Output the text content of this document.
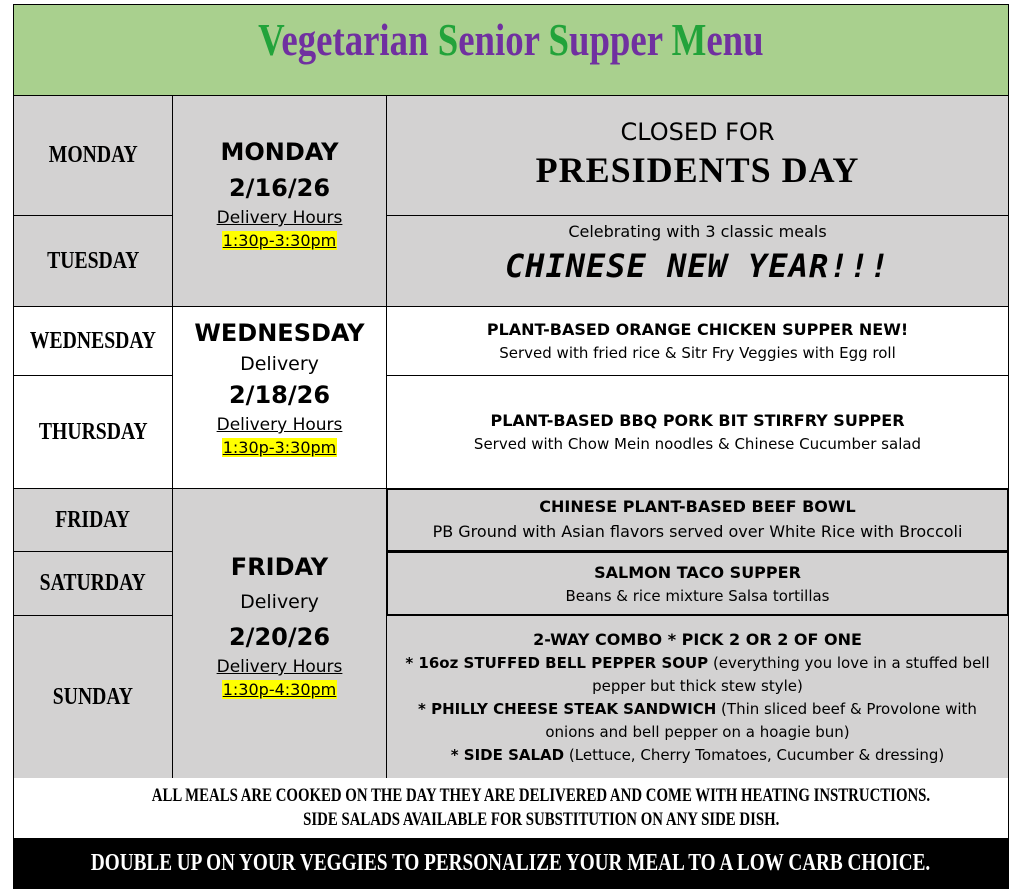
Vegetarian Senior Supper Menu
MONDAY
TUESDAY
WEDNESDAY
THURSDAY
FRIDAY
SATURDAY
SUNDAY
MONDAY
2/16/26
Delivery Hours
1:30p-3:30pm
WEDNESDAY
Delivery
2/18/26
Delivery Hours
1:30p-3:30pm
FRIDAY
Delivery
2/20/26
Delivery Hours
1:30p-4:30pm
CLOSED FOR
PRESIDENTS DAY
Celebrating with 3 classic meals
CHINESE NEW YEAR!!!
PLANT-BASED ORANGE CHICKEN SUPPER NEW!
Served with fried rice & Sitr Fry Veggies with Egg roll
PLANT-BASED BBQ PORK BIT STIRFRY SUPPER
Served with Chow Mein noodles & Chinese Cucumber salad
CHINESE PLANT-BASED BEEF BOWL
PB Ground with Asian flavors served over White Rice with Broccoli
SALMON TACO SUPPER
Beans & rice mixture Salsa tortillas
2-WAY COMBO * PICK 2 OR 2 OF ONE
* 16oz STUFFED BELL PEPPER SOUP (everything you love in a stuffed bell pepper but thick stew style)
* PHILLY CHEESE STEAK SANDWICH (Thin sliced beef & Provolone with onions and bell pepper on a hoagie bun)
* SIDE SALAD (Lettuce, Cherry Tomatoes, Cucumber & dressing)
ALL MEALS ARE COOKED ON THE DAY THEY ARE DELIVERED AND COME WITH HEATING INSTRUCTIONS.
SIDE SALADS AVAILABLE FOR SUBSTITUTION ON ANY SIDE DISH.
DOUBLE UP ON YOUR VEGGIES TO PERSONALIZE YOUR MEAL TO A LOW CARB CHOICE.
